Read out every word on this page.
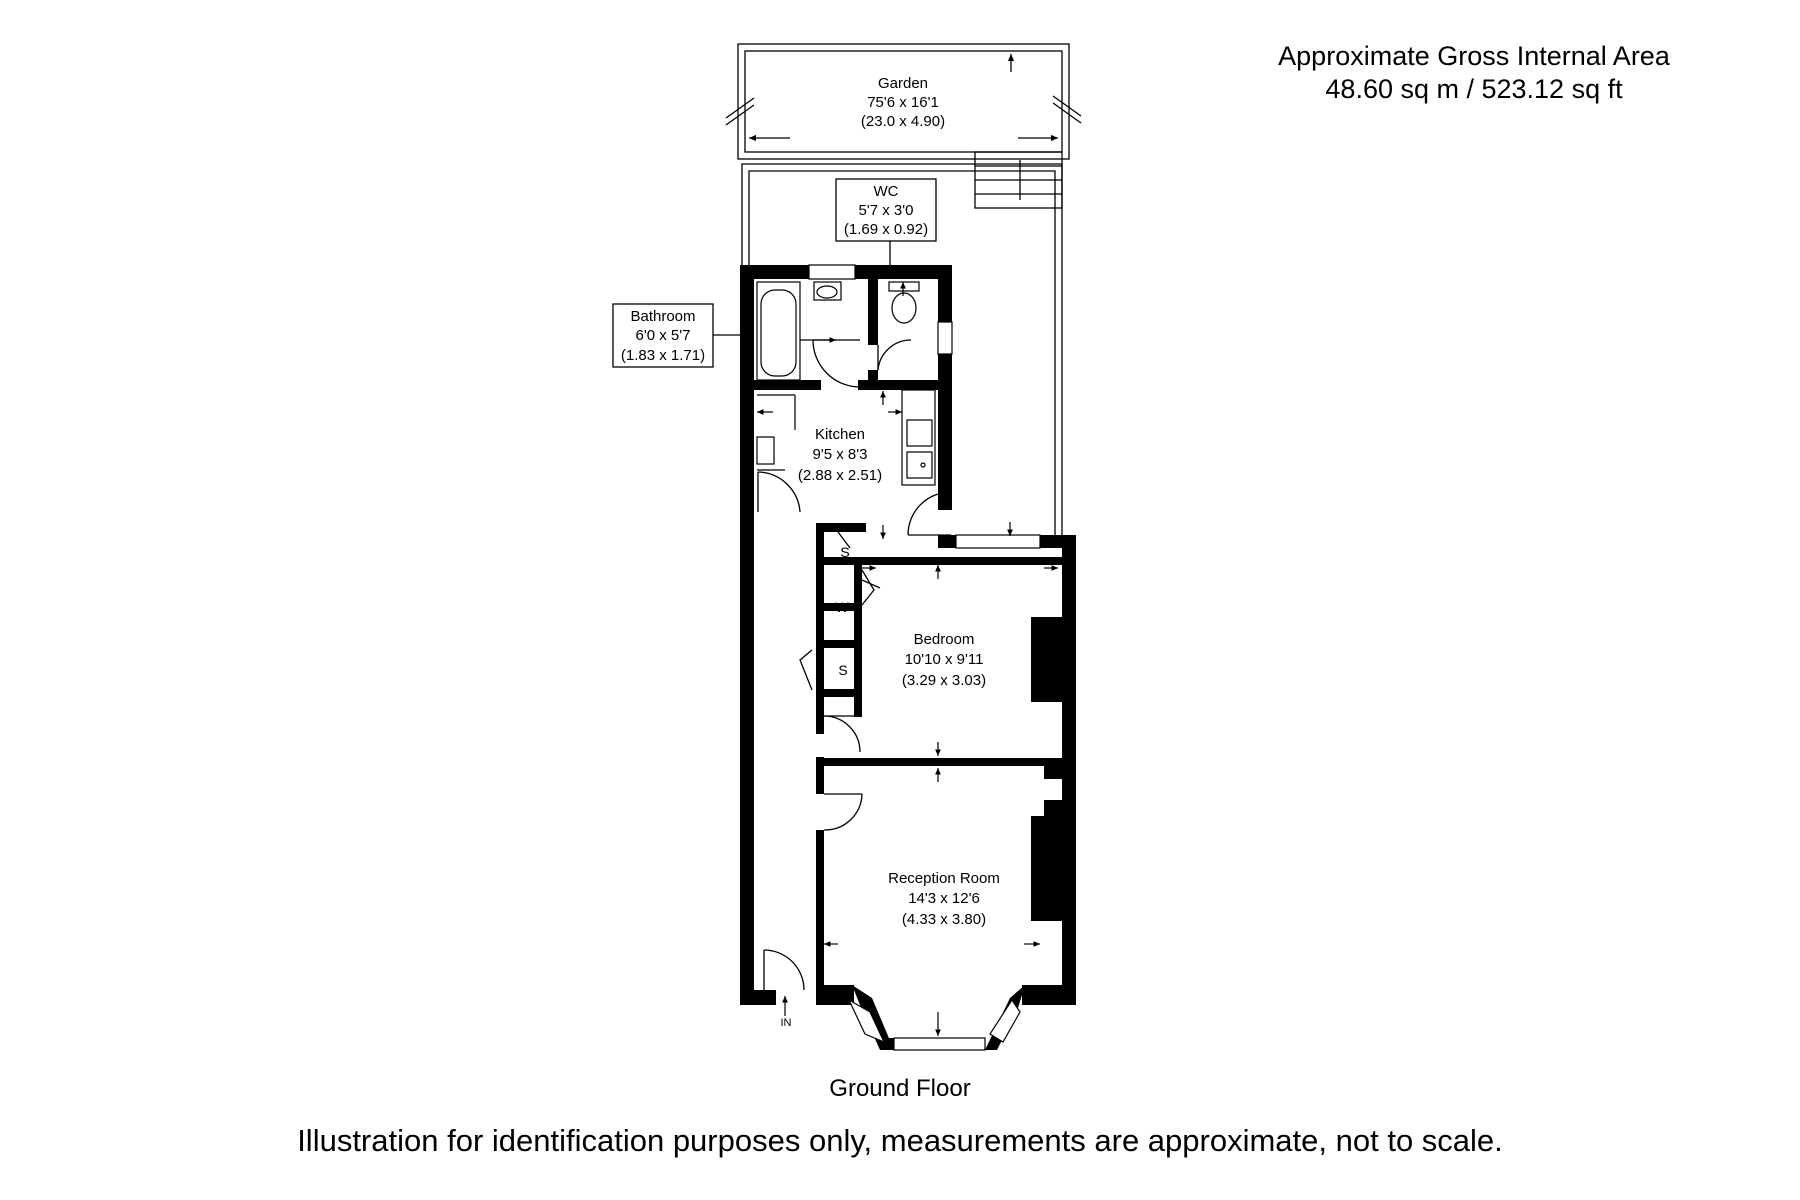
Approximate Gross Internal Area
48.60 sq m / 523.12 sq ft
WC
5'7 x 3'0
(1.69 x 0.92)
Bathroom
6'0 x 5'7
(1.83 x 1.71)
Garden
75'6 x 16'1
(23.0 x 4.90)
Kitchen
9'5 x 8'3
(2.88 x 2.51)
Bedroom
10'10 x 9'11
(3.29 x 3.03)
Reception Room
14'3 x 12'6
(4.33 x 3.80)
S
W
S
IN
Ground Floor
Illustration for identification purposes only, measurements are approximate, not to scale.
